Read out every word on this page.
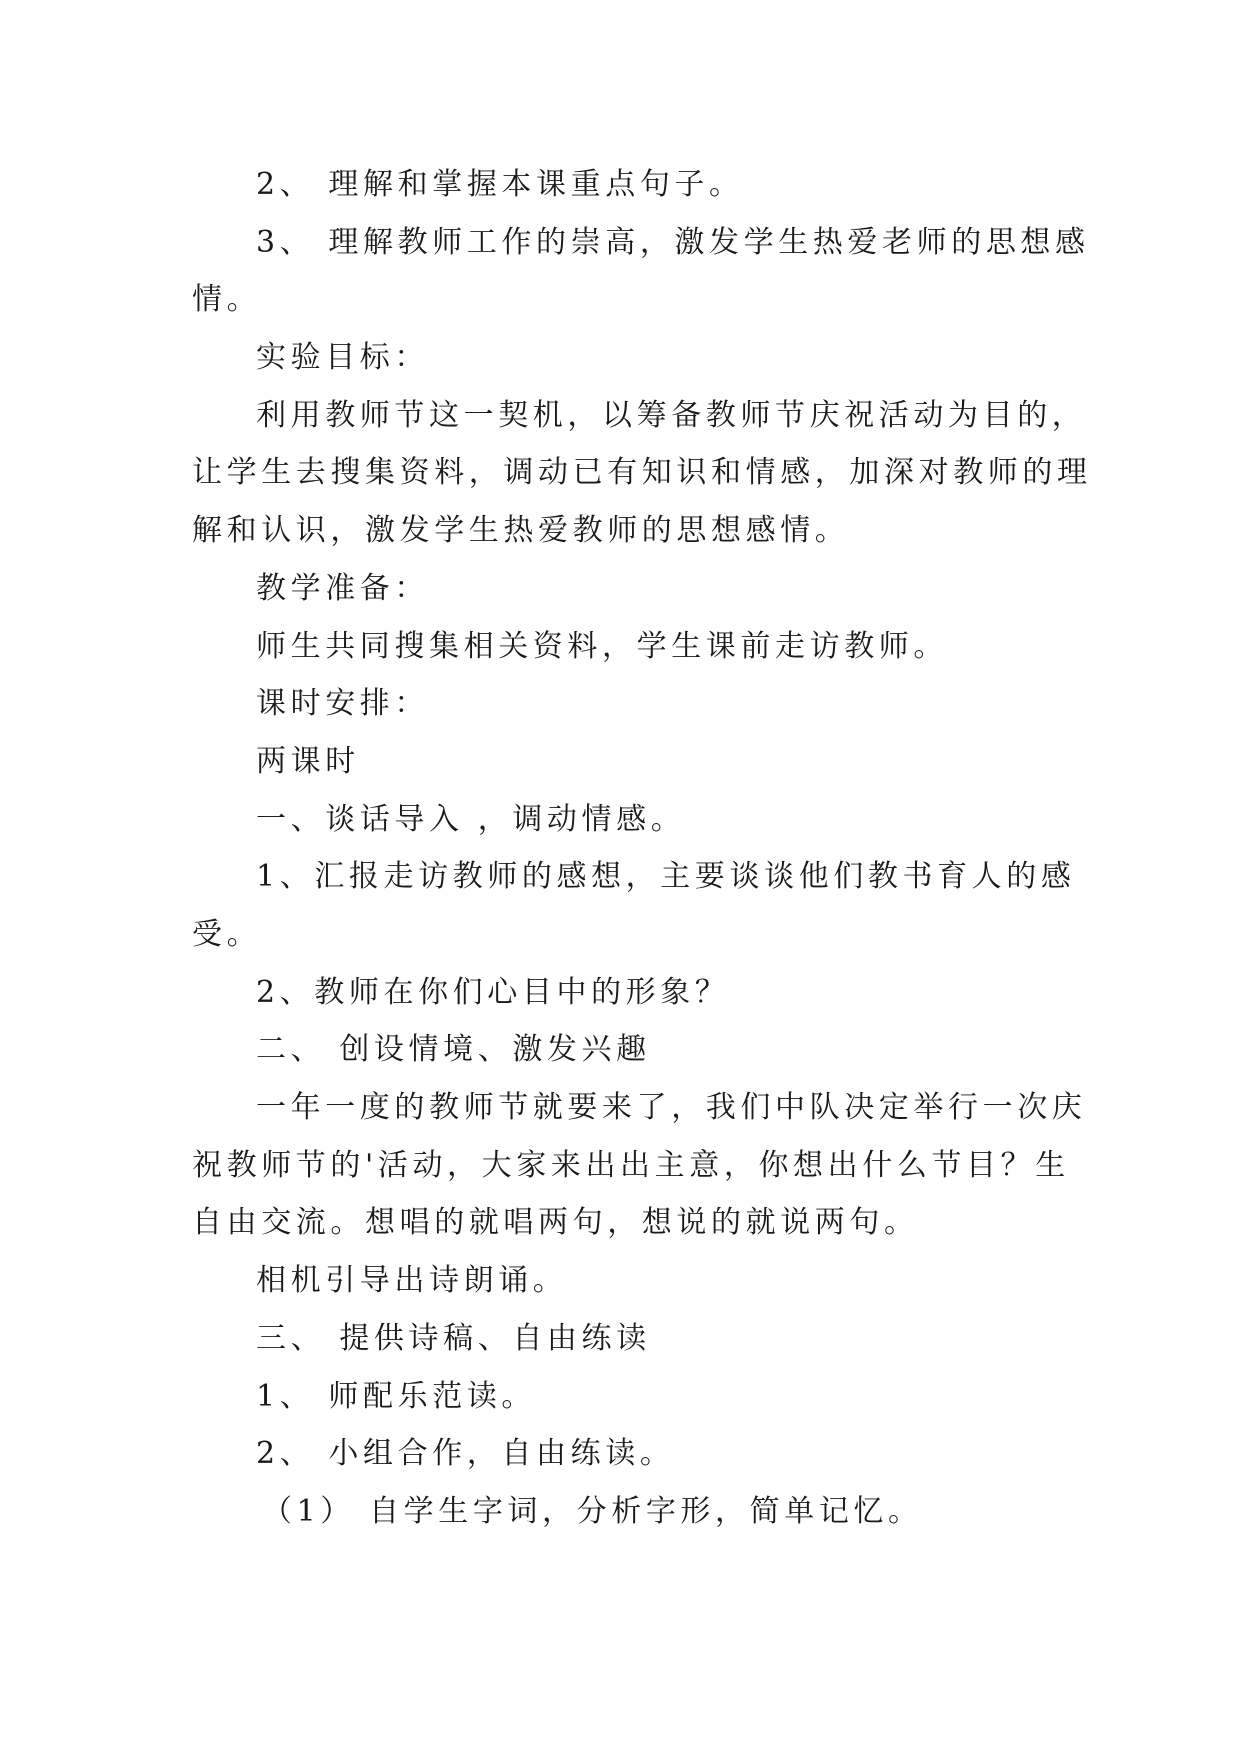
2、 理解和掌握本课重点句子。
3、 理解教师工作的崇高，激发学生热爱老师的思想感
情。
实验目标：
利用教师节这一契机，以筹备教师节庆祝活动为目的，
让学生去搜集资料，调动已有知识和情感，加深对教师的理
解和认识，激发学生热爱教师的思想感情。
教学准备：
师生共同搜集相关资料，学生课前走访教师。
课时安排：
两课时
一、谈话导入 ，调动情感。
1、汇报走访教师的感想，主要谈谈他们教书育人的感
受。
2、教师在你们心目中的形象？
二、 创设情境、激发兴趣
一年一度的教师节就要来了，我们中队决定举行一次庆
祝教师节的'活动，大家来出出主意，你想出什么节目？生
自由交流。想唱的就唱两句，想说的就说两句。
相机引导出诗朗诵。
三、 提供诗稿、自由练读
1、 师配乐范读。
2、 小组合作，自由练读。
（1） 自学生字词，分析字形，简单记忆。
